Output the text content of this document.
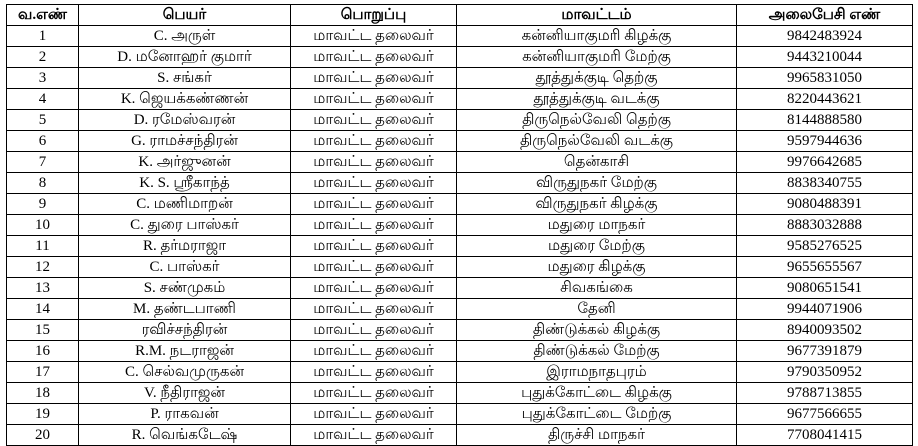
வ.எண்	பெயர்	பொறுப்பு	மாவட்டம்	அலைபேசி எண்
1	C. அருள்	மாவட்ட தலைவர்	கன்னியாகுமரி கிழக்கு	9842483924
2	D. மனோஹர் குமார்	மாவட்ட தலைவர்	கன்னியாகுமரி மேற்கு	9443210044
3	S. சங்கர்	மாவட்ட தலைவர்	தூத்துக்குடி தெற்கு	9965831050
4	K. ஜெயக்கண்ணன்	மாவட்ட தலைவர்	தூத்துக்குடி வடக்கு	8220443621
5	D. ரமேஸ்வரன்	மாவட்ட தலைவர்	திருநெல்வேலி தெற்கு	8144888580
6	G. ராமச்சந்திரன்	மாவட்ட தலைவர்	திருநெல்வேலி வடக்கு	9597944636
7	K. அர்ஜுனன்	மாவட்ட தலைவர்	தென்காசி	9976642685
8	K. S. ஸ்ரீகாந்த்	மாவட்ட தலைவர்	விருதுநகர் மேற்கு	8838340755
9	C. மணிமாறன்	மாவட்ட தலைவர்	விருதுநகர் கிழக்கு	9080488391
10	C. துரை பாஸ்கர்	மாவட்ட தலைவர்	மதுரை மாநகர்	8883032888
11	R. தர்மராஜா	மாவட்ட தலைவர்	மதுரை மேற்கு	9585276525
12	C. பாஸ்கர்	மாவட்ட தலைவர்	மதுரை கிழக்கு	9655655567
13	S. சண்முகம்	மாவட்ட தலைவர்	சிவகங்கை	9080651541
14	M. தண்டபாணி	மாவட்ட தலைவர்	தேனி	9944071906
15	ரவிச்சந்திரன்	மாவட்ட தலைவர்	திண்டுக்கல் கிழக்கு	8940093502
16	R.M. நடராஜன்	மாவட்ட தலைவர்	திண்டுக்கல் மேற்கு	9677391879
17	C. செல்வமுருகன்	மாவட்ட தலைவர்	இராமநாதபுரம்	9790350952
18	V. நீதிராஜன்	மாவட்ட தலைவர்	புதுக்கோட்டை கிழக்கு	9788713855
19	P. ராகவன்	மாவட்ட தலைவர்	புதுக்கோட்டை மேற்கு	9677566655
20	R. வெங்கடேஷ்	மாவட்ட தலைவர்	திருச்சி மாநகர்	7708041415
